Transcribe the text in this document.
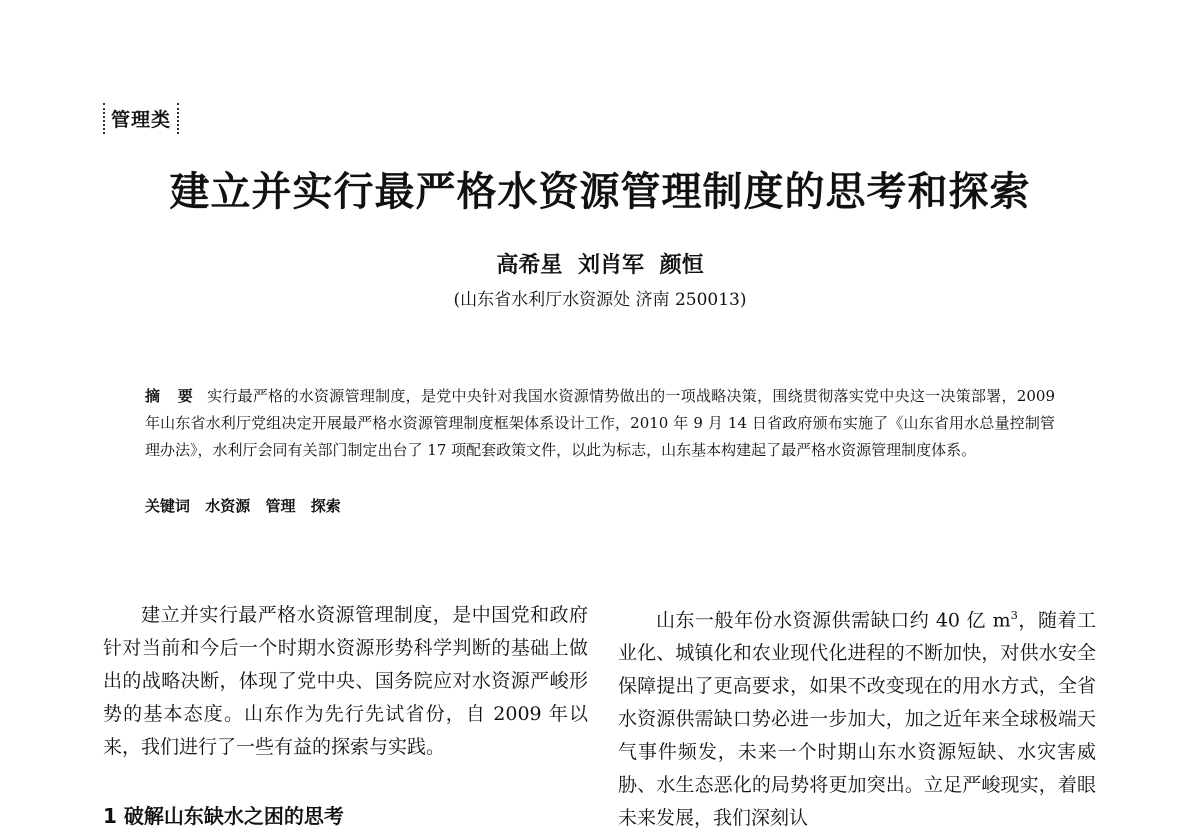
管理类
建立并实行最严格水资源管理制度的思考和探索
高希星 刘肖军 颜恒
(山东省水利厅水资源处 济南 250013)
摘 要 实行最严格的水资源管理制度，是党中央针对我国水资源情势做出的一项战略决策，围绕贯彻落实党中央这一决策部署，2009 年山东省水利厅党组决定开展最严格水资源管理制度框架体系设计工作，2010 年 9 月 14 日省政府颁布实施了《山东省用水总量控制管理办法》，水利厅会同有关部门制定出台了 17 项配套政策文件，以此为标志，山东基本构建起了最严格水资源管理制度体系。
关键词 水资源 管理 探索

建立并实行最严格水资源管理制度，是中国党和政府针对当前和今后一个时期水资源形势科学判断的基础上做出的战略决断，体现了党中央、国务院应对水资源严峻形势的基本态度。山东作为先行先试省份，自 2009 年以来，我们进行了一些有益的探索与实践。

1 破解山东缺水之困的思考

山东一般年份水资源供需缺口约 40 亿 $m^3$，随着工业化、城镇化和农业现代化进程的不断加快，对供水安全保障提出了更高要求，如果不改变现在的用水方式，全省水资源供需缺口势必进一步加大，加之近年来全球极端天气事件频发，未来一个时期山东水资源短缺、水灾害威胁、水生态恶化的局势将更加突出。立足严峻现实，着眼未来发展，我们深刻认
